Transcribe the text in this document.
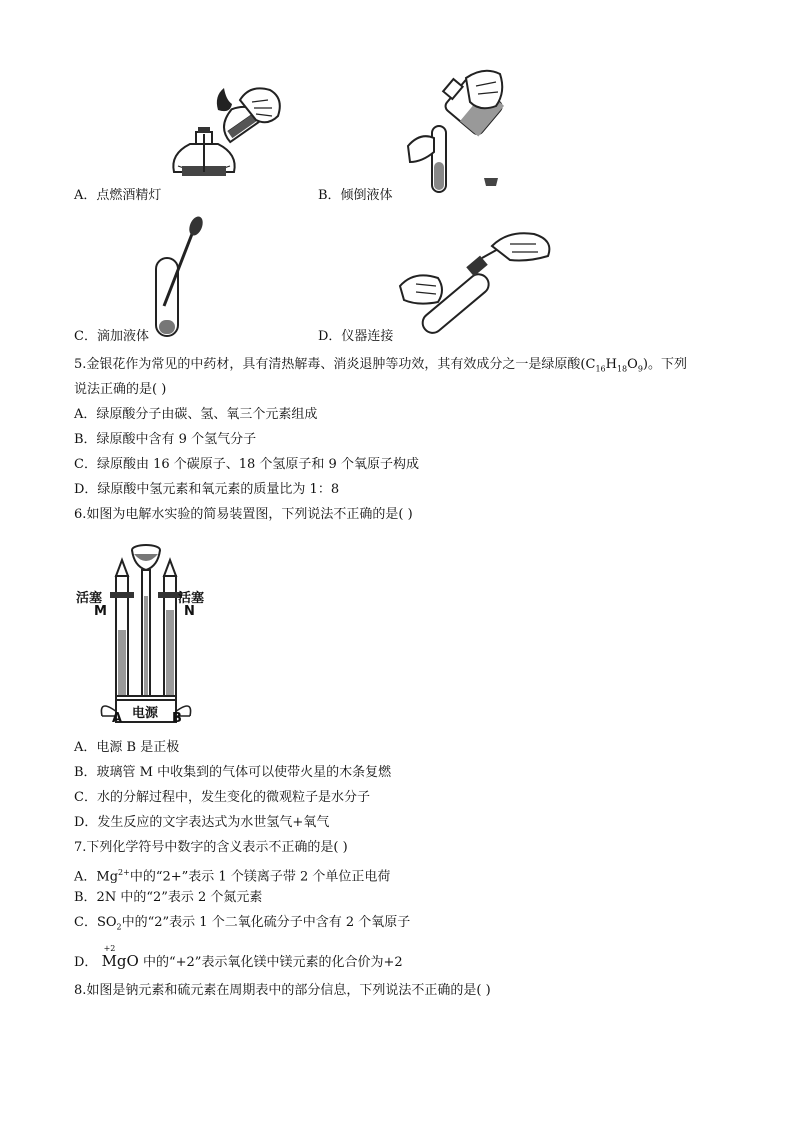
A．点燃酒精灯	B．倾倒液体
C．滴加液体	D．仪器连接
5.金银花作为常见的中药材，具有清热解毒、消炎退肿等功效，其有效成分之一是绿原酸$(C_{16}H_{18}O_9)$。下列
说法正确的是( )
A．绿原酸分子由碳、氢、氧三个元素组成
B．绿原酸中含有 9 个氢气分子
C．绿原酸由 16 个碳原子、18 个氢原子和 9 个氧原子构成
D．绿原酸中氢元素和氧元素的质量比为 1：8
6.如图为电解水实验的简易装置图，下列说法不正确的是( )
活塞	活塞
M	N
电源
A	B
A．电源 B 是正极
B．玻璃管 M 中收集到的气体可以使带火星的木条复燃
C．水的分解过程中，发生变化的微观粒子是水分子
D．发生反应的文字表达式为水世氢气+氧气
7.下列化学符号中数字的含义表示不正确的是( )
A．$Mg^{2+}$中的“2+”表示 1 个镁离子带 2 个单位正电荷
B．2N 中的“2”表示 2 个氮元素
C．$SO_2$中的“2”表示 1 个二氧化硫分子中含有 2 个氧原子
D．
+2
MgO 中的“+2”表示氧化镁中镁元素的化合价为+2
8.如图是钠元素和硫元素在周期表中的部分信息，下列说法不正确的是( )
